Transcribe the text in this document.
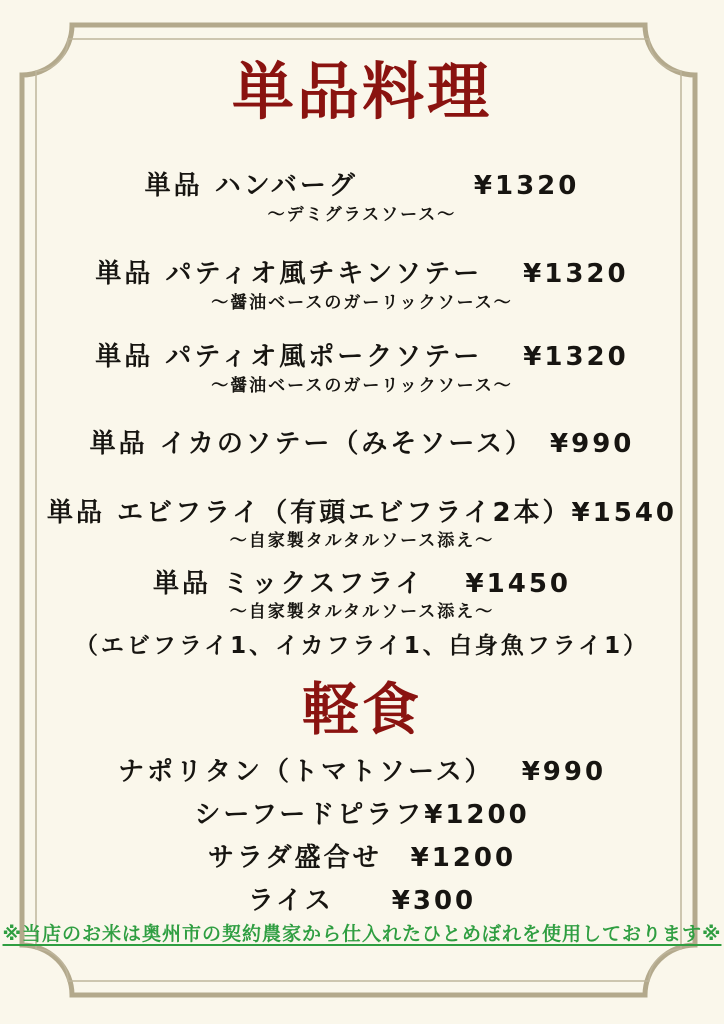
単品料理
単品 ハンバーグ　　　　¥1320
～デミグラスソース～
単品 パティオ風チキンソテー　 ¥1320
～醤油ベースのガーリックソース～
単品 パティオ風ポークソテー　 ¥1320
～醤油ベースのガーリックソース～
単品 イカのソテー（みそソース）　¥990
単品 エビフライ（有頭エビフライ2本）¥1540
～自家製タルタルソース添え～
単品 ミックスフライ　 ¥1450
～自家製タルタルソース添え～
（エビフライ1、イカフライ1、白身魚フライ1）
軽食
ナポリタン（トマトソース）　 ¥990
シーフードピラフ¥1200
サラダ盛合せ　¥1200
ライス　　¥300
※当店のお米は奥州市の契約農家から仕入れたひとめぼれを使用しております※
